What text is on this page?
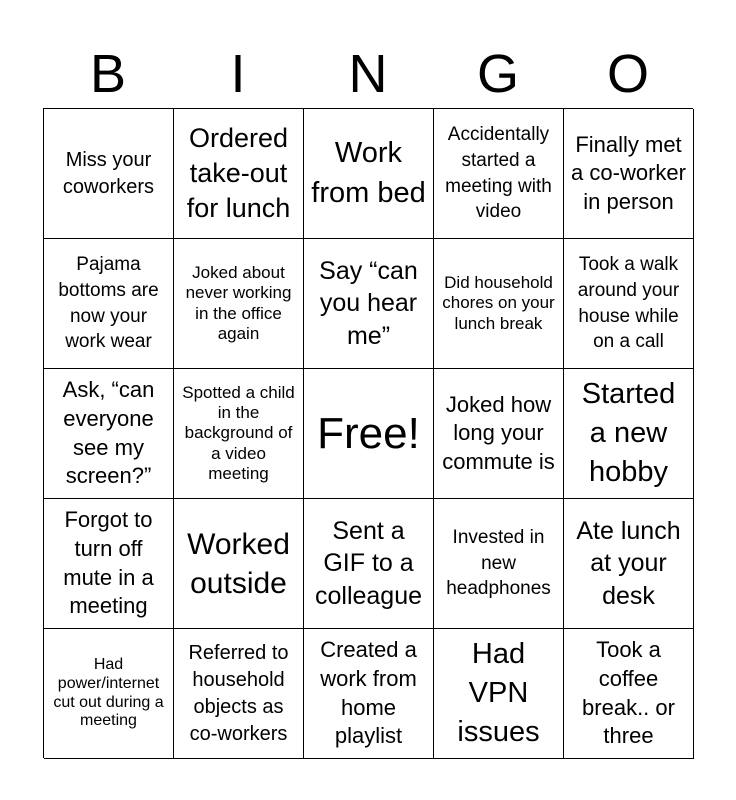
B	I	N	G	O
Miss your coworkers
Ordered take-out for lunch
Work from bed
Accidentally started a meeting with video
Finally met a co-worker in person
Pajama bottoms are now your work wear
Joked about never working in the office again
Say “can you hear me”
Did household chores on your lunch break
Took a walk around your house while on a call
Ask, “can everyone see my screen?”
Spotted a child in the background of a video meeting
Free!
Joked how long your commute is
Started a new hobby
Forgot to turn off mute in a meeting
Worked outside
Sent a GIF to a colleague
Invested in new headphones
Ate lunch at your desk
Had power/internet cut out during a meeting
Referred to household objects as co-workers
Created a work from home playlist
Had VPN issues
Took a coffee break.. or three
